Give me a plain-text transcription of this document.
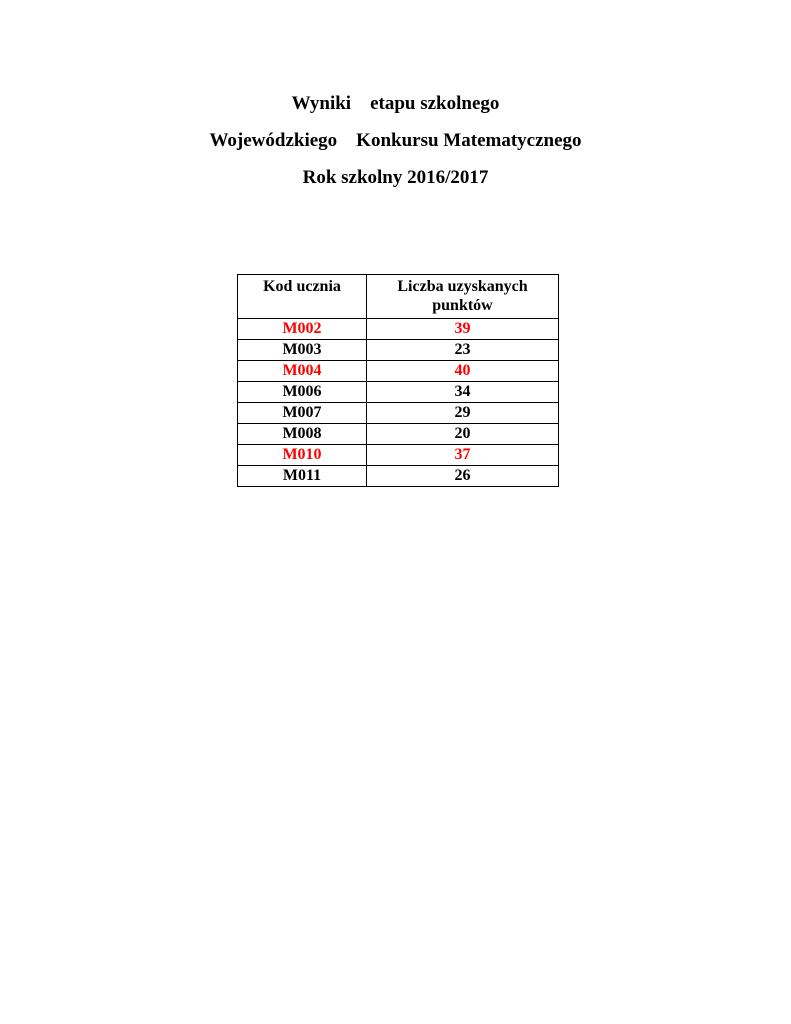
Wyniki    etapu szkolnego
Wojewódzkiego    Konkursu Matematycznego
Rok szkolny 2016/2017
Kod ucznia	Liczba uzyskanych punktów
M002	39
M003	23
M004	40
M006	34
M007	29
M008	20
M010	37
M011	26
